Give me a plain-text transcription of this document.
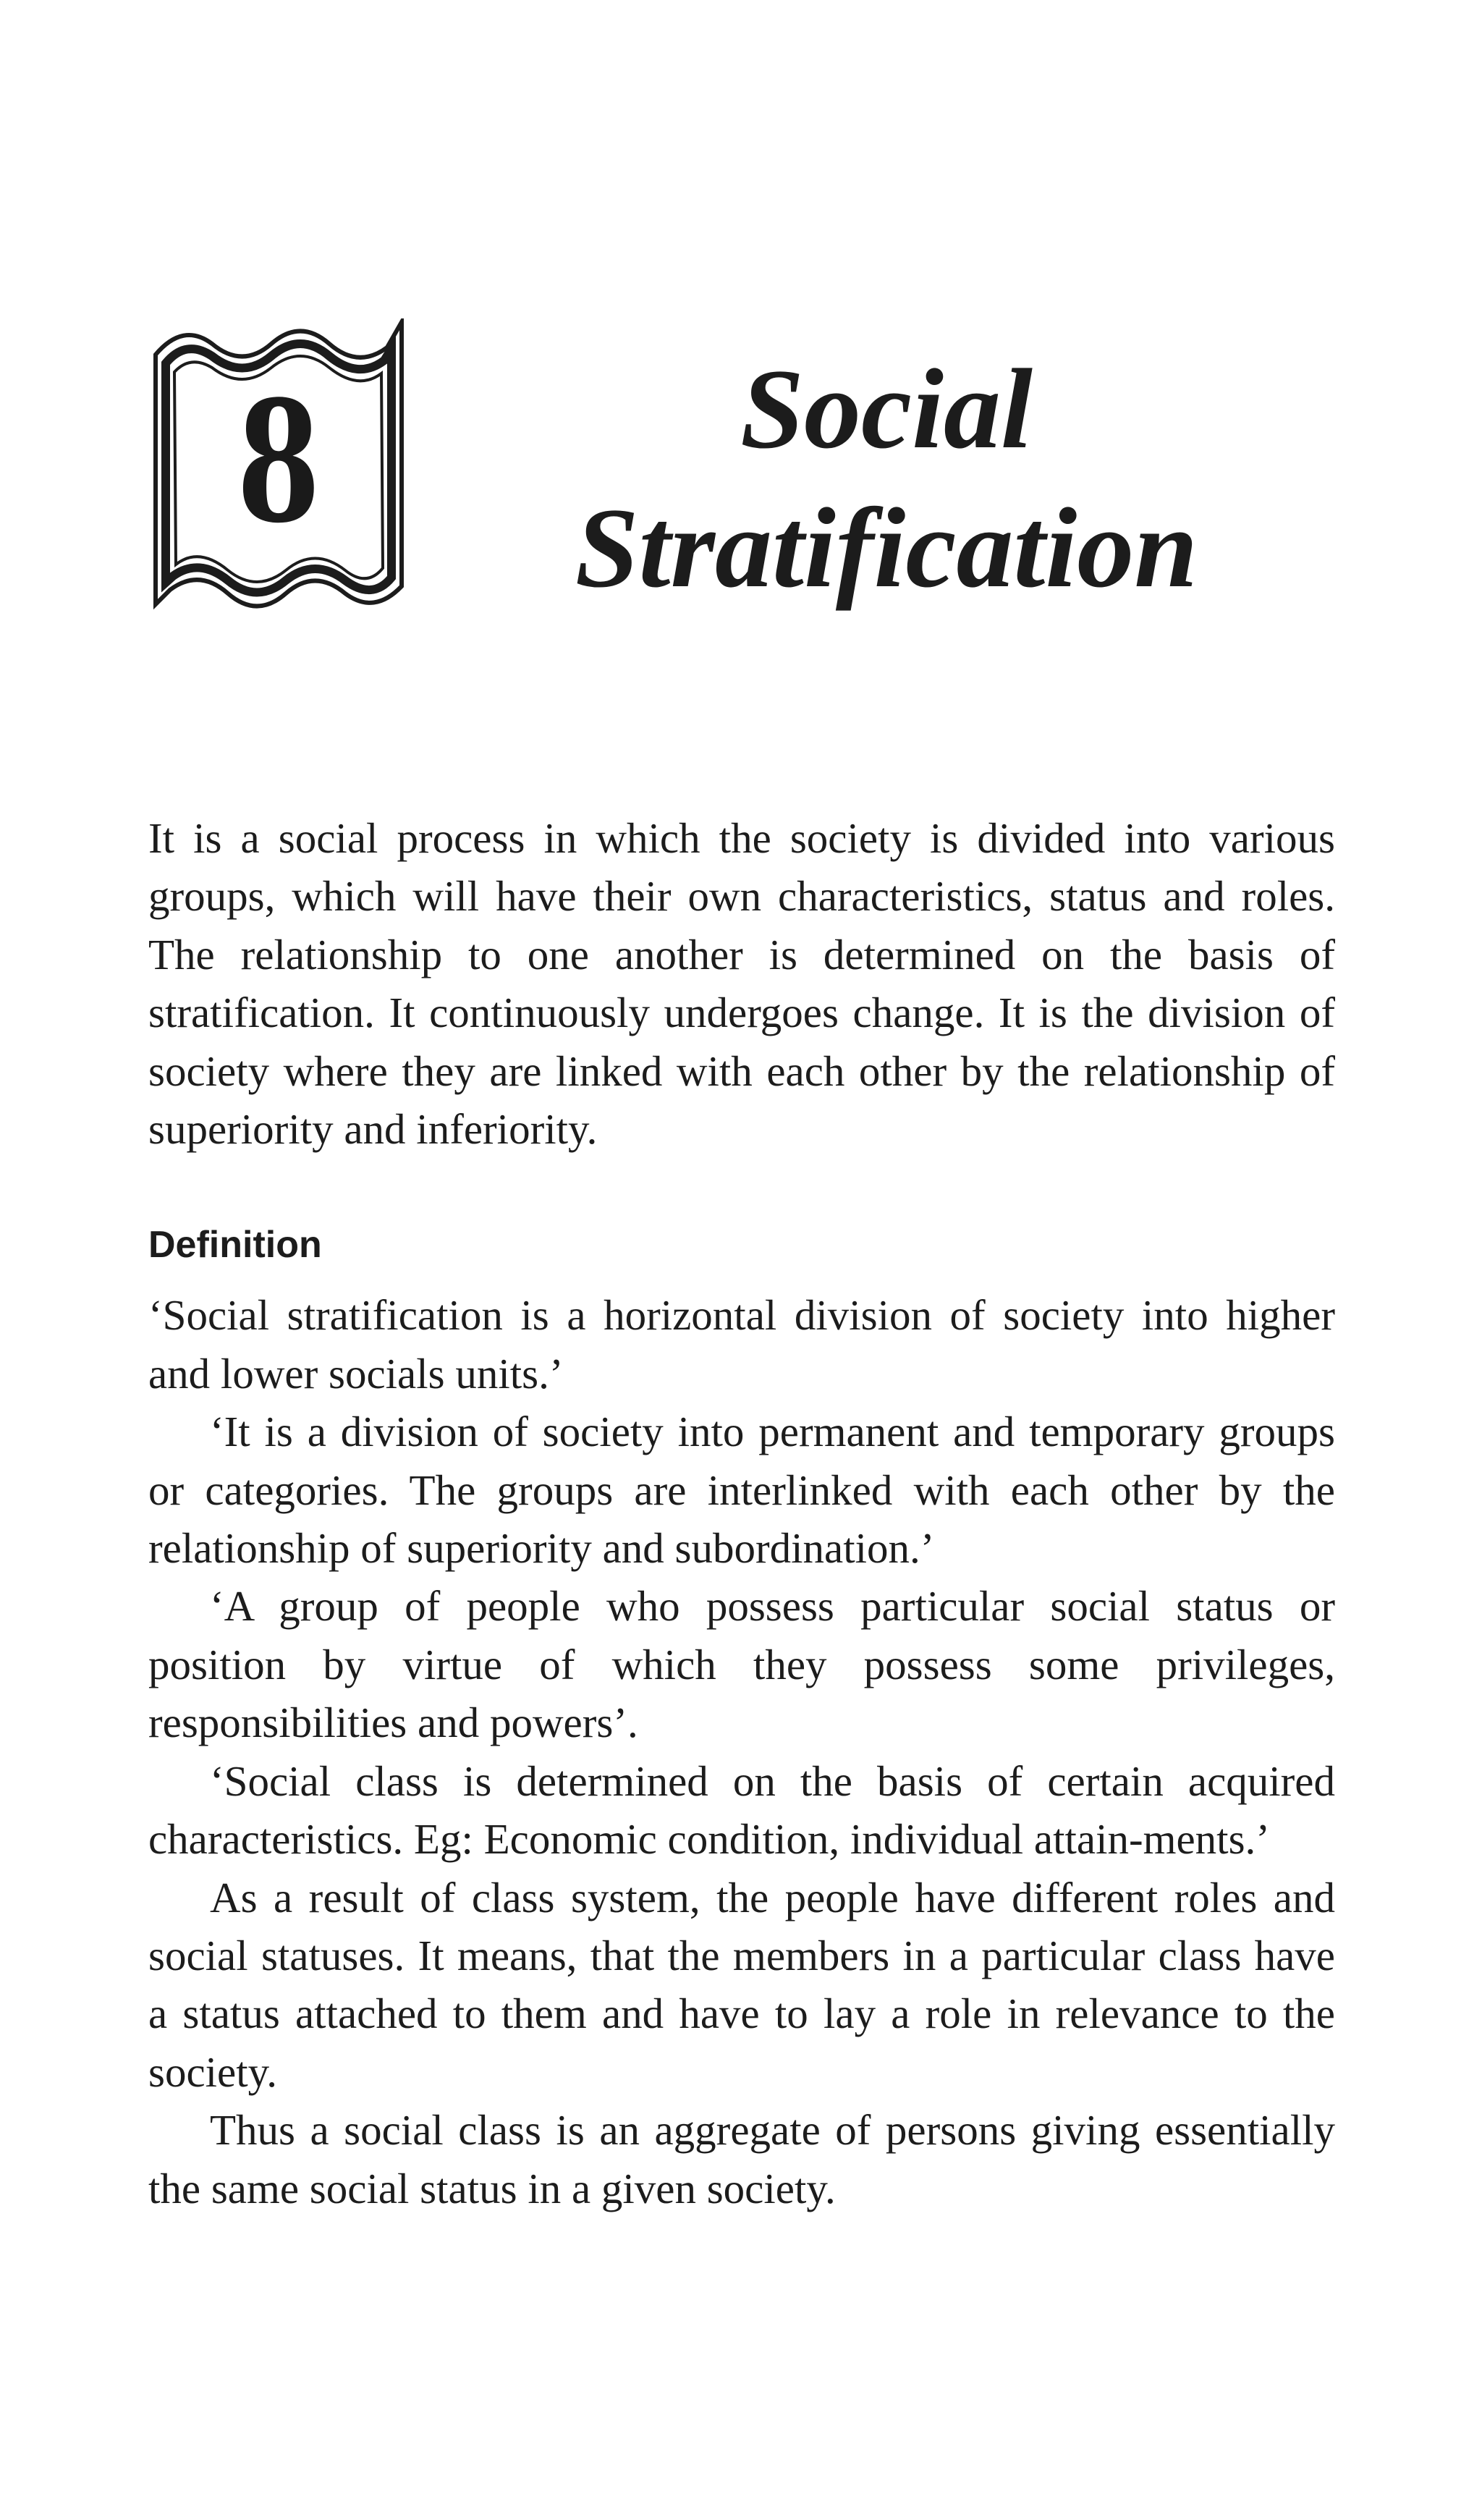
8	Social
Stratification

It is a social process in which the society is divided into various groups, which will have their own characteristics, status and roles. The relationship to one another is determined on the basis of stratification. It continuously undergoes change. It is the division of society where they are linked with each other by the relationship of superiority and inferiority.

Definition

‘Social stratification is a horizontal division of society into higher and lower socials units.’

‘It is a division of society into permanent and temporary groups or categories. The groups are interlinked with each other by the relationship of superiority and subordination.’

‘A group of people who possess particular social status or position by virtue of which they possess some privileges, responsibilities and powers’.

‘Social class is determined on the basis of certain acquired characteristics. Eg: Economic condition, individual attain-ments.’

As a result of class system, the people have different roles and social statuses. It means, that the members in a particular class have a status attached to them and have to lay a role in relevance to the society.

Thus a social class is an aggregate of persons giving essentially the same social status in a given society.
